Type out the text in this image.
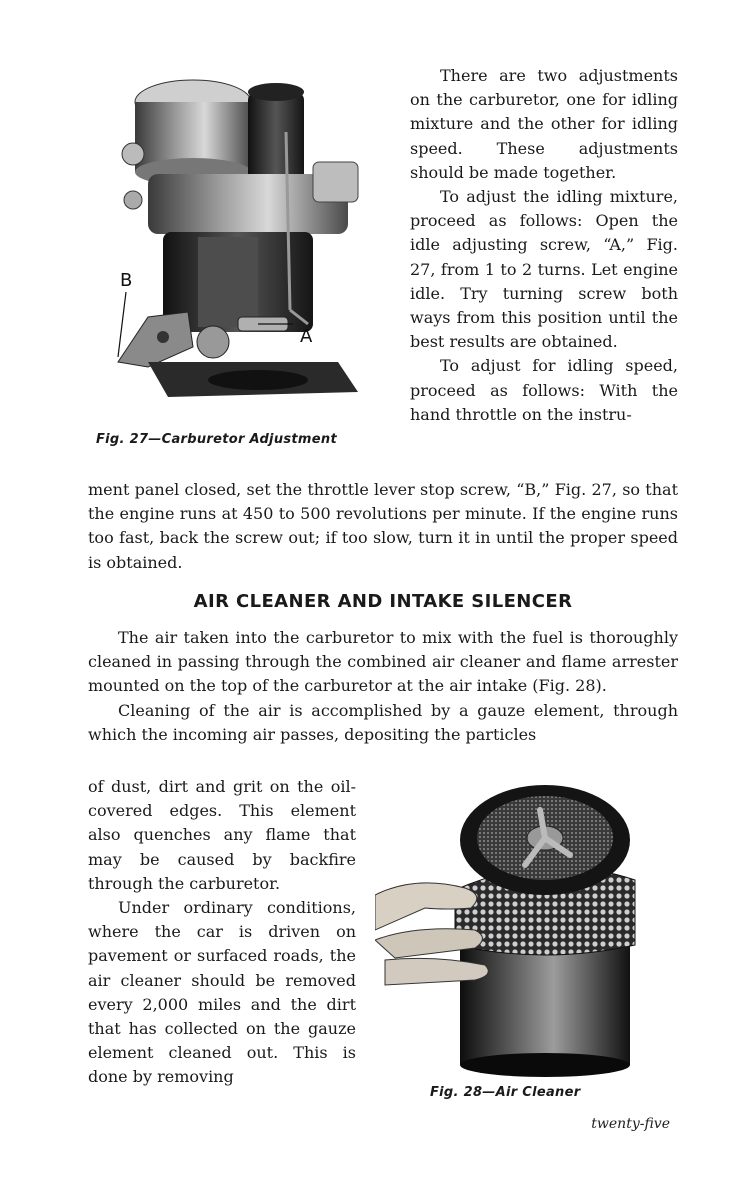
B
A
Fig. 27—Carburetor Adjustment

There are two adjustments on the carburetor, one for idling mixture and the other for idling speed. These adjustments should be made together.

To adjust the idling mixture, proceed as follows: Open the idle adjusting screw, “A,” Fig. 27, from 1 to 2 turns. Let engine idle. Try turning screw both ways from this position until the best results are obtained.

To adjust for idling speed, proceed as follows: With the hand throttle on the instru-

ment panel closed, set the throttle lever stop screw, “B,” Fig. 27, so that the engine runs at 450 to 500 revolutions per minute. If the engine runs too fast, back the screw out; if too slow, turn it in until the proper speed is obtained.

AIR CLEANER AND INTAKE SILENCER

The air taken into the carburetor to mix with the fuel is thoroughly cleaned in passing through the combined air cleaner and flame arrester mounted on the top of the carburetor at the air intake (Fig. 28).

Cleaning of the air is accomplished by a gauze element, through which the incoming air passes, depositing the particles

of dust, dirt and grit on the oil-covered edges. This element also quenches any flame that may be caused by backfire through the carburetor.

Under ordinary conditions, where the car is driven on pavement or surfaced roads, the air cleaner should be removed every 2,000 miles and the dirt that has collected on the gauze element cleaned out. This is done by removing

Fig. 28—Air Cleaner
twenty-five
